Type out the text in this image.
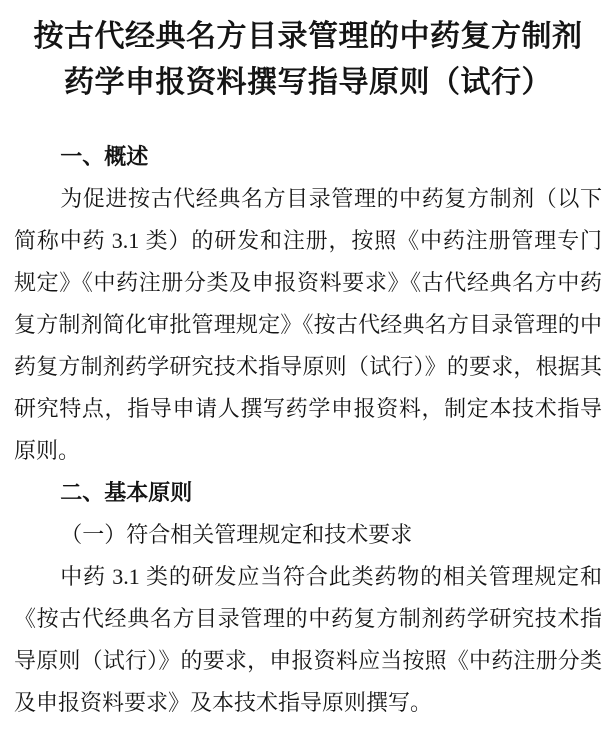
按古代经典名方目录管理的中药复方制剂
药学申报资料撰写指导原则（试行）

一、概述

为促进按古代经典名方目录管理的中药复方制剂（以下简称中药 3.1 类）的研发和注册，按照《中药注册管理专门规定》《中药注册分类及申报资料要求》《古代经典名方中药复方制剂简化审批管理规定》《按古代经典名方目录管理的中药复方制剂药学研究技术指导原则（试行）》的要求，根据其研究特点，指导申请人撰写药学申报资料，制定本技术指导原则。

二、基本原则

（一）符合相关管理规定和技术要求

中药 3.1 类的研发应当符合此类药物的相关管理规定和《按古代经典名方目录管理的中药复方制剂药学研究技术指导原则（试行）》的要求，申报资料应当按照《中药注册分类及申报资料要求》及本技术指导原则撰写。
